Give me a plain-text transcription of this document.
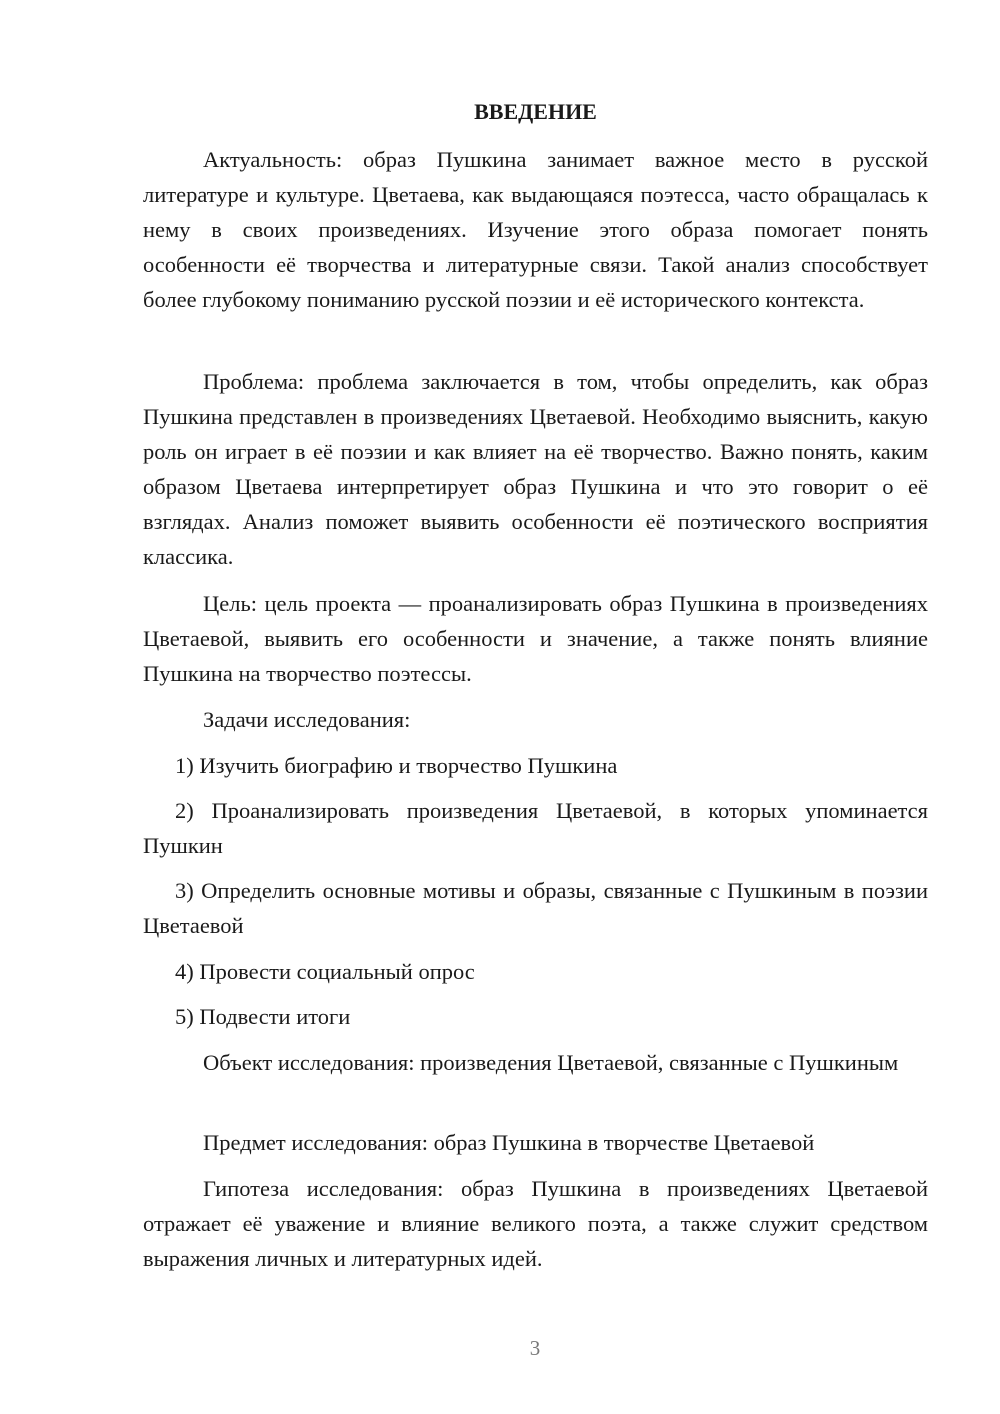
ВВЕДЕНИЕ

Актуальность: образ Пушкина занимает важное место в русской литературе и культуре. Цветаева, как выдающаяся поэтесса, часто обращалась к нему в своих произведениях. Изучение этого образа помогает понять особенности её творчества и литературные связи. Такой анализ способствует более глубокому пониманию русской поэзии и её исторического контекста.

Проблема: проблема заключается в том, чтобы определить, как образ Пушкина представлен в произведениях Цветаевой. Необходимо выяснить, какую роль он играет в её поэзии и как влияет на её творчество. Важно понять, каким образом Цветаева интерпретирует образ Пушкина и что это говорит о её взглядах. Анализ поможет выявить особенности её поэтического восприятия классика.

Цель: цель проекта — проанализировать образ Пушкина в произведениях Цветаевой, выявить его особенности и значение, а также понять влияние Пушкина на творчество поэтессы.

Задачи исследования:

1) Изучить биографию и творчество Пушкина

2) Проанализировать произведения Цветаевой, в которых упоминается Пушкин

3) Определить основные мотивы и образы, связанные с Пушкиным в поэзии Цветаевой

4) Провести социальный опрос

5) Подвести итоги

Объект исследования: произведения Цветаевой, связанные с Пушкиным

Предмет исследования: образ Пушкина в творчестве Цветаевой

Гипотеза исследования: образ Пушкина в произведениях Цветаевой отражает её уважение и влияние великого поэта, а также служит средством выражения личных и литературных идей.

3
